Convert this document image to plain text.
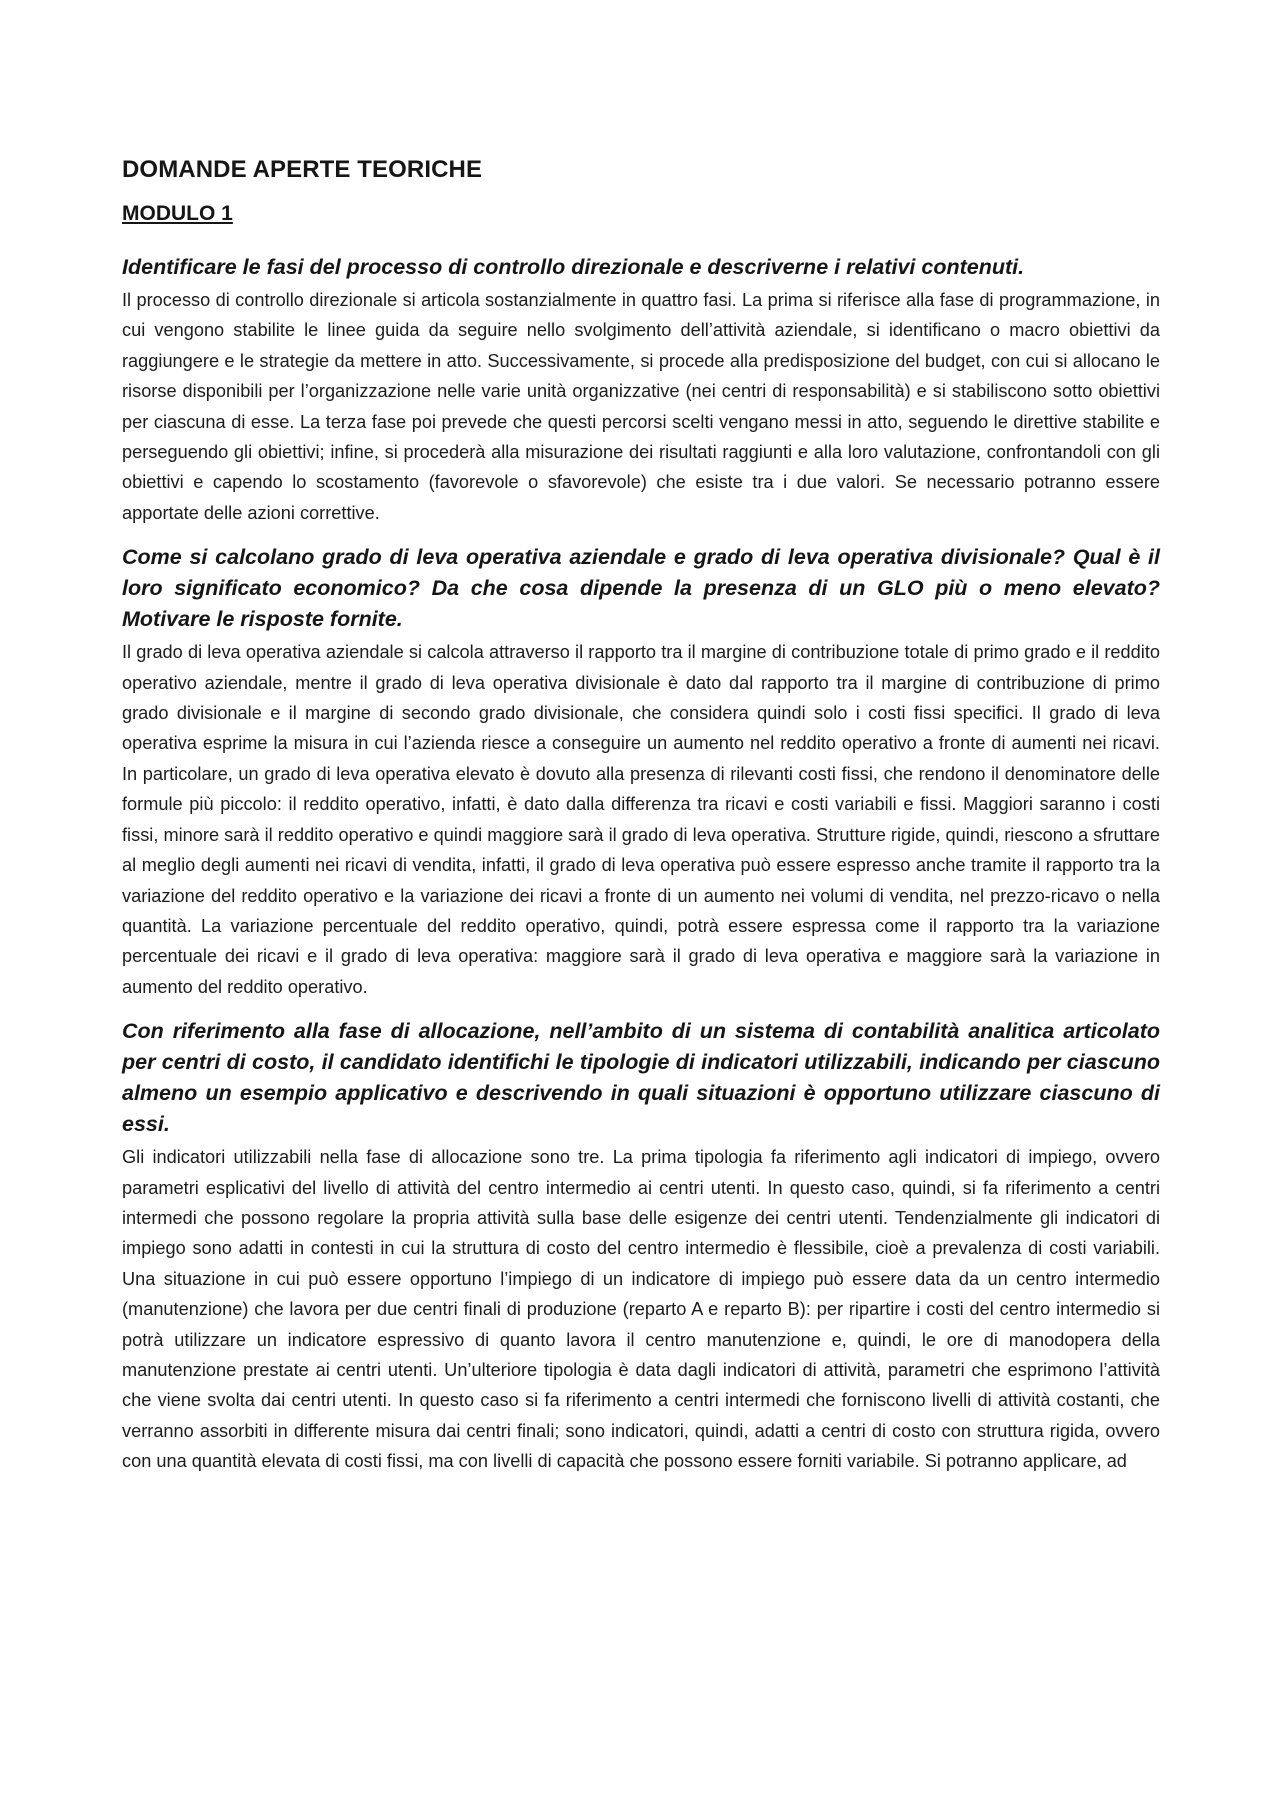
DOMANDE APERTE TEORICHE
MODULO 1
Identificare le fasi del processo di controllo direzionale e descriverne i relativi contenuti.
Il processo di controllo direzionale si articola sostanzialmente in quattro fasi. La prima si riferisce alla fase di programmazione, in cui vengono stabilite le linee guida da seguire nello svolgimento dell’attività aziendale, si identificano o macro obiettivi da raggiungere e le strategie da mettere in atto. Successivamente, si procede alla predisposizione del budget, con cui si allocano le risorse disponibili per l’organizzazione nelle varie unità organizzative (nei centri di responsabilità) e si stabiliscono sotto obiettivi per ciascuna di esse. La terza fase poi prevede che questi percorsi scelti vengano messi in atto, seguendo le direttive stabilite e perseguendo gli obiettivi; infine, si procederà alla misurazione dei risultati raggiunti e alla loro valutazione, confrontandoli con gli obiettivi e capendo lo scostamento (favorevole o sfavorevole) che esiste tra i due valori. Se necessario potranno essere apportate delle azioni correttive.
Come si calcolano grado di leva operativa aziendale e grado di leva operativa divisionale? Qual è il loro significato economico? Da che cosa dipende la presenza di un GLO più o meno elevato? Motivare le risposte fornite.
Il grado di leva operativa aziendale si calcola attraverso il rapporto tra il margine di contribuzione totale di primo grado e il reddito operativo aziendale, mentre il grado di leva operativa divisionale è dato dal rapporto tra il margine di contribuzione di primo grado divisionale e il margine di secondo grado divisionale, che considera quindi solo i costi fissi specifici. Il grado di leva operativa esprime la misura in cui l’azienda riesce a conseguire un aumento nel reddito operativo a fronte di aumenti nei ricavi. In particolare, un grado di leva operativa elevato è dovuto alla presenza di rilevanti costi fissi, che rendono il denominatore delle formule più piccolo: il reddito operativo, infatti, è dato dalla differenza tra ricavi e costi variabili e fissi. Maggiori saranno i costi fissi, minore sarà il reddito operativo e quindi maggiore sarà il grado di leva operativa. Strutture rigide, quindi, riescono a sfruttare al meglio degli aumenti nei ricavi di vendita, infatti, il grado di leva operativa può essere espresso anche tramite il rapporto tra la variazione del reddito operativo e la variazione dei ricavi a fronte di un aumento nei volumi di vendita, nel prezzo-ricavo o nella quantità. La variazione percentuale del reddito operativo, quindi, potrà essere espressa come il rapporto tra la variazione percentuale dei ricavi e il grado di leva operativa: maggiore sarà il grado di leva operativa e maggiore sarà la variazione in aumento del reddito operativo.
Con riferimento alla fase di allocazione, nell’ambito di un sistema di contabilità analitica articolato per centri di costo, il candidato identifichi le tipologie di indicatori utilizzabili, indicando per ciascuno almeno un esempio applicativo e descrivendo in quali situazioni è opportuno utilizzare ciascuno di essi.
Gli indicatori utilizzabili nella fase di allocazione sono tre. La prima tipologia fa riferimento agli indicatori di impiego, ovvero parametri esplicativi del livello di attività del centro intermedio ai centri utenti. In questo caso, quindi, si fa riferimento a centri intermedi che possono regolare la propria attività sulla base delle esigenze dei centri utenti. Tendenzialmente gli indicatori di impiego sono adatti in contesti in cui la struttura di costo del centro intermedio è flessibile, cioè a prevalenza di costi variabili. Una situazione in cui può essere opportuno l’impiego di un indicatore di impiego può essere data da un centro intermedio (manutenzione) che lavora per due centri finali di produzione (reparto A e reparto B): per ripartire i costi del centro intermedio si potrà utilizzare un indicatore espressivo di quanto lavora il centro manutenzione e, quindi, le ore di manodopera della manutenzione prestate ai centri utenti. Un’ulteriore tipologia è data dagli indicatori di attività, parametri che esprimono l’attività che viene svolta dai centri utenti. In questo caso si fa riferimento a centri intermedi che forniscono livelli di attività costanti, che verranno assorbiti in differente misura dai centri finali; sono indicatori, quindi, adatti a centri di costo con struttura rigida, ovvero con una quantità elevata di costi fissi, ma con livelli di capacità che possono essere forniti variabile. Si potranno applicare, ad
